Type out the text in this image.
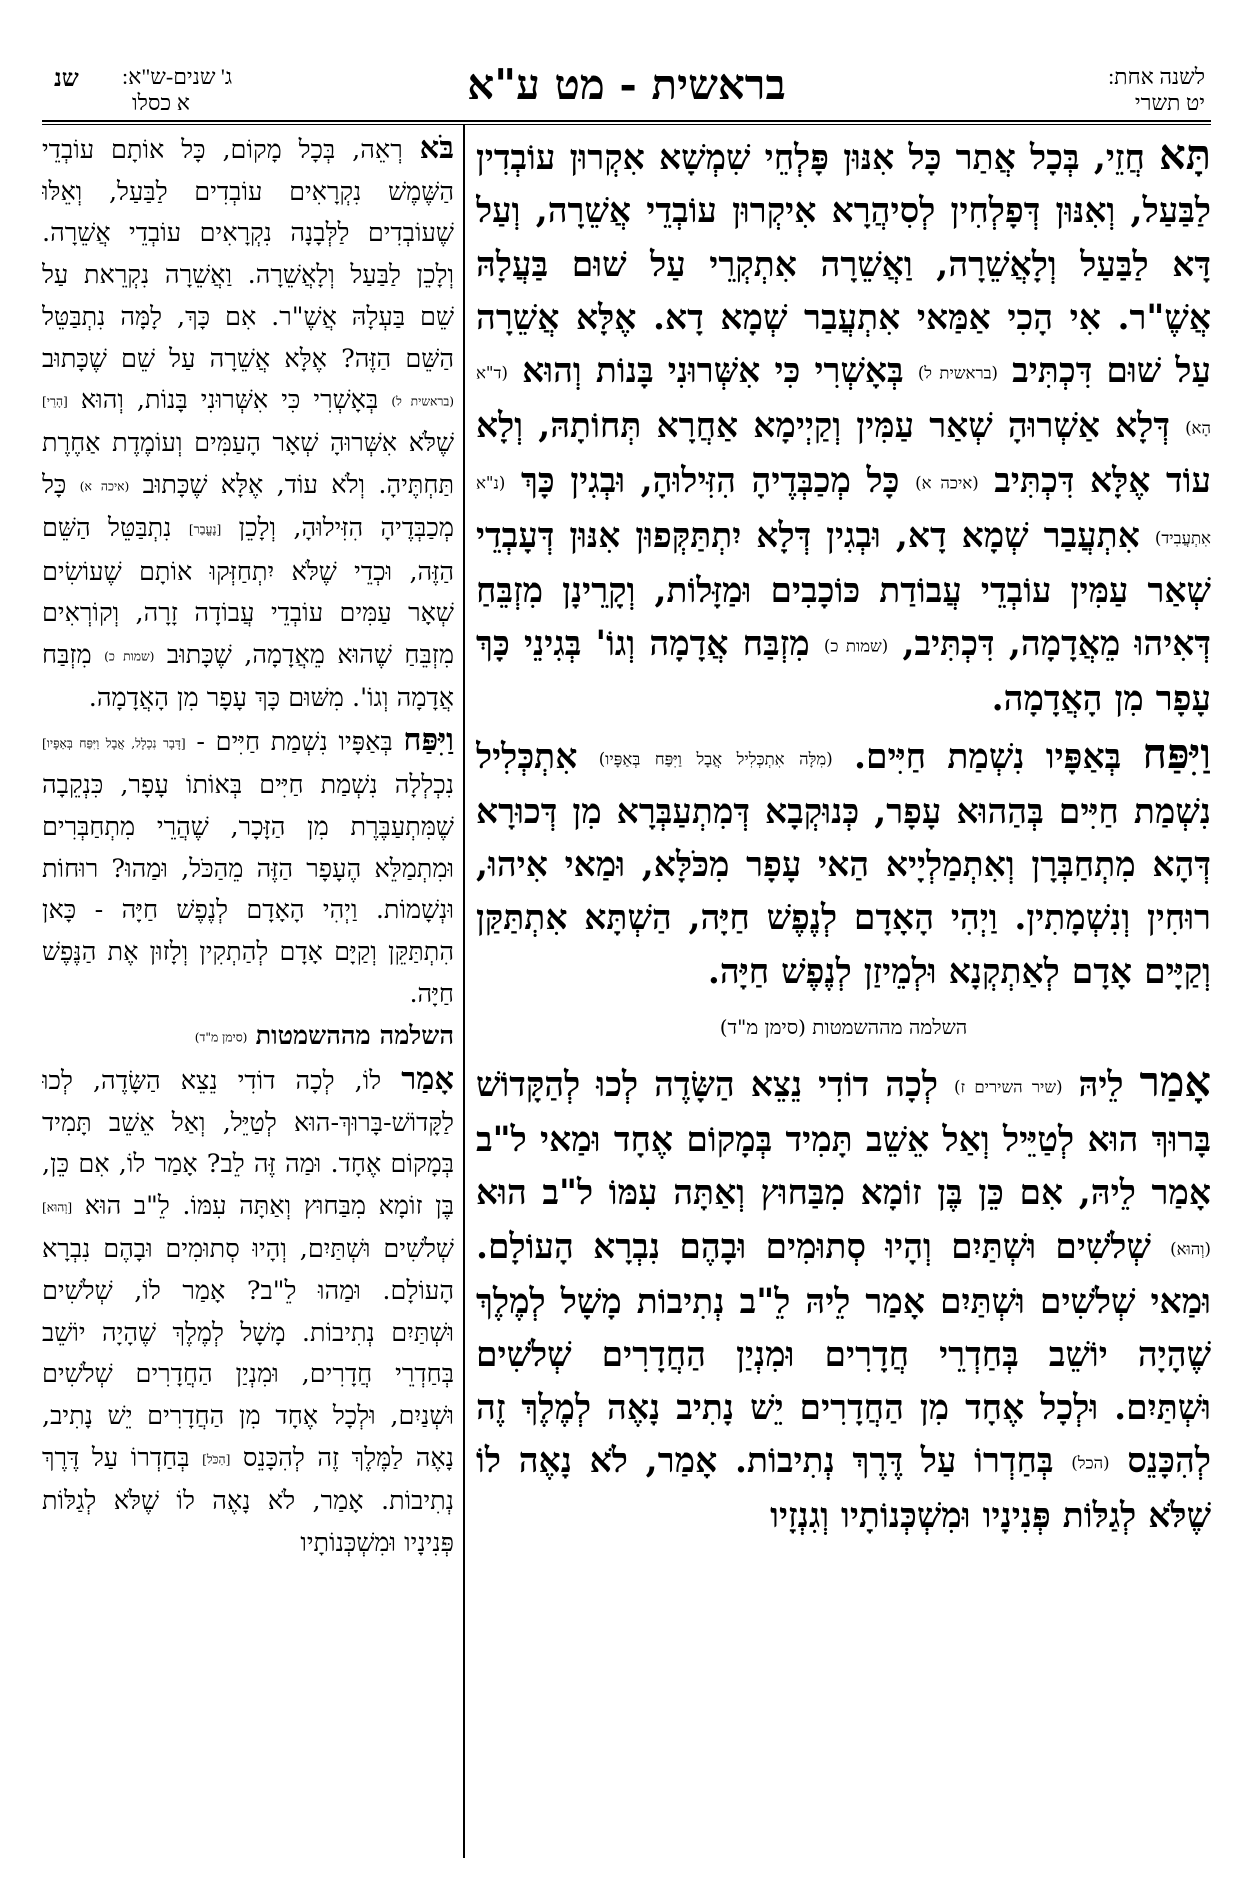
בראשית - מט ע"א
שנ ג' שנים-ש"א:
א כסלו
לשנה אחת:
יט תשרי

תָּא חֲזֵי, בְּכָל אֲתַר כָּל אִנּוּן פָּלְחֵי שִׁמְשָׁא אִקְרוּן עוֹבְדִין לַבַּעַל, וְאִנּוּן דְּפָלְחִין לְסִיהֲרָא אִיקְרוּן עוֹבְדֵי אֲשֵׁרָה, וְעַל דָּא לַבַּעַל וְלָאֲשֵׁרָה, וַאֲשֵׁרָה אִתְקְרֵי עַל שׁוּם בַּעֲלָהּ אֲשֶׁ"ר. אִי הָכִי אַמַּאי אִתְעֲבַר שְׁמָא דָא. אֶלָּא אֲשֵׁרָה עַל שׁוּם דִּכְתִּיב (בראשית ל) בְּאָשְׁרִי כִּי אִשְּׁרוּנִי בָּנוֹת וְהוּא (ד"א הָא) דְּלָא אַשְׁרוּהָ שְׁאַר עַמִּין וְקַיְימָא אַחֲרָא תְּחוֹתָהּ, וְלָא עוֹד אֶלָּא דִּכְתִּיב (איכה א) כָּל מְכַבְּדֶיהָ הִזִּילוּהָ, וּבְגִין כָּךְ (נ"א אִתְעֲבִיד) אִתְעֲבַר שְׁמָא דָא, וּבְגִין דְּלָא יִתְתַּקְּפוּן אִנּוּן דְּעָבְדֵי שְׁאַר עַמִּין עוֹבְדֵי עֲבוֹדַת כּוֹכָבִים וּמַזָּלוֹת, וְקָרֵינָן מִזְבֵּחַ דְּאִיהוּ מֵאֲדָמָה, דִּכְתִּיב, (שמות כ) מִזְבַּח אֲדָמָה וְגוֹ' בְּגִינֵי כָּךְ עָפָר מִן הָאֲדָמָה.

וַיִּפַּח בְּאַפָּיו נִשְׁמַת חַיִּים. (מִלָּה אִתְכְּלִיל אֲבָל וַיִּפַּח בְּאַפָּיו) אִתְכְּלִיל נִשְׁמַת חַיִּים בְּהַהוּא עָפָר, כְּנוּקְבָא דְּמִתְעַבְּרָא מִן דְּכוּרָא דְּהָא מִתְחַבְּרָן וְאִתְמַלְיָיא הַאי עָפָר מִכֹּלָּא, וּמַאי אִיהוּ, רוּחִין וְנִשְׁמָתִין. וַיְהִי הָאָדָם לְנֶפֶשׁ חַיָּה, הַשְׁתָּא אִתְתַּקַּן וְקַיָּים אָדָם לְאַתְקְנָא וּלְמֵיזַן לְנֶפֶשׁ חַיָּה.

השלמה מההשמטות (סימן מ"ד)

אָמַר לֵיהּ (שיר השירים ז) לְכָה דוֹדִי נֵצֵא הַשָּׂדֶה לְכוּ לְהַקָּדוֹשׁ בָּרוּךְ הוּא לְטַיֵּיל וְאַל אֵשֵׁב תָּמִיד בְּמָקוֹם אֶחָד וּמַאי ל"ב אָמַר לֵיהּ, אִם כֵּן בֶּן זוֹמָא מִבַּחוּץ וְאַתָּה עִמּוֹ ל"ב הוּא (וְהוּא) שְׁלֹשִׁים וּשְׁתַּיִם וְהָיוּ סְתוּמִים וּבָהֶם נִבְרָא הָעוֹלָם. וּמַאי שְׁלֹשִׁים וּשְׁתַּיִם אָמַר לֵיהּ לֵ"ב נְתִיבוֹת מָשָׁל לְמֶלֶךְ שֶׁהָיָה יוֹשֵׁב בְּחַדְרֵי חֲדָרִים וּמִנְיַן הַחֲדָרִים שְׁלֹשִׁים וּשְׁתַּיִם. וּלְכָל אֶחָד מִן הַחֲדָרִים יֵשׁ נָתִיב נָאֶה לְמֶלֶךְ זֶה לְהִכָּנֵס (הכל) בְּחַדְרוֹ עַל דֶּרֶךְ נְתִיבוֹת. אָמַר, לֹא נָאֶה לוֹ שֶׁלֹּא לְגַלּוֹת פְּנִינָיו וּמִשְׁכְּנוֹתָיו וְגִנְזָיו

בֹּא רְאֵה, בְּכָל מָקוֹם, כָּל אוֹתָם עוֹבְדֵי הַשֶּׁמֶשׁ נִקְרָאִים עוֹבְדִים לַבַּעַל, וְאֵלּוּ שֶׁעוֹבְדִים לַלְּבָנָה נִקְרָאִים עוֹבְדֵי אֲשֵׁרָה. וְלָכֵן לַבַּעַל וְלָאֲשֵׁרָה. וַאֲשֵׁרָה נִקְרֵאת עַל שֵׁם בַּעְלָהּ אֲשֶׁ"ר. אִם כָּךְ, לָמָּה נִתְבַּטֵּל הַשֵּׁם הַזֶּה? אֶלָּא אֲשֵׁרָה עַל שֵׁם שֶׁכָּתוּב (בראשית ל) בְּאָשְׁרִי כִּי אִשְּׁרוּנִי בָּנוֹת, וְהוּא [הָרֵי] שֶׁלֹּא אִשְּׁרוּהָ שְׁאָר הָעַמִּים וְעוֹמֶדֶת אַחֶרֶת תַּחְתֶּיהָ. וְלֹא עוֹד, אֶלָּא שֶׁכָּתוּב (איכה א) כָּל מְכַבְּדֶיהָ הִזִּילוּהָ, וְלָכֵן [נֶעֱבַר] נִתְבַּטֵּל הַשֵּׁם הַזֶּה, וּכְדֵי שֶׁלֹּא יִתְחַזְּקוּ אוֹתָם שֶׁעוֹשִׂים שְׁאָר עַמִּים עוֹבְדֵי עֲבוֹדָה זָרָה, וְקוֹרְאִים מִזְבֵּחַ שֶׁהוּא מֵאֲדָמָה, שֶׁכָּתוּב (שמות כ) מִזְבַּח אֲדָמָה וְגוֹ'. מִשּׁוּם כָּךְ עָפָר מִן הָאֲדָמָה.

וַיִּפַּח בְּאַפָּיו נִשְׁמַת חַיִּים - [דָּבָר נִכְלָל, אֲבָל וַיִּפַּח בְּאַפָּיו] נִכְלְלָה נִשְׁמַת חַיִּים בְּאוֹתוֹ עָפָר, כִּנְקֵבָה שֶׁמִּתְעַבֶּרֶת מִן הַזָּכָר, שֶׁהֲרֵי מִתְחַבְּרִים וּמִתְמַלֵּא הֶעָפָר הַזֶּה מֵהַכֹּל, וּמַהוּ? רוּחוֹת וּנְשָׁמוֹת. וַיְהִי הָאָדָם לְנֶפֶשׁ חַיָּה - כָּאן הִתְתַּקֵּן וְקַיָּם אָדָם לְהַתְקִין וְלָזוּן אֶת הַנֶּפֶשׁ חַיָּה.

השלמה מההשמטות (סימן מ"ד)

אָמַר לוֹ, לְכָה דוֹדִי נֵצֵא הַשָּׂדֶה, לְכוּ לַקָּדוֹשׁ-בָּרוּךְ-הוּא לְטַיֵּל, וְאַל אֵשֵׁב תָּמִיד בְּמָקוֹם אֶחָד. וּמַה זֶּה לֵב? אָמַר לוֹ, אִם כֵּן, בֶּן זוֹמָא מִבַּחוּץ וְאַתָּה עִמּוֹ. לֵ"ב הוּא [וְהוּא] שְׁלֹשִׁים וּשְׁתַּיִם, וְהָיוּ סְתוּמִים וּבָהֶם נִבְרָא הָעוֹלָם. וּמַהוּ לֵ"ב? אָמַר לוֹ, שְׁלֹשִׁים וּשְׁתַּיִם נְתִיבוֹת. מָשָׁל לְמֶלֶךְ שֶׁהָיָה יוֹשֵׁב בְּחַדְרֵי חֲדָרִים, וּמִנְיַן הַחֲדָרִים שְׁלֹשִׁים וּשְׁנַיִם, וּלְכָל אֶחָד מִן הַחֲדָרִים יֵשׁ נָתִיב, נָאֶה לַמֶּלֶךְ זֶה לְהִכָּנֵס [הַכֹּל] בְּחַדְרוֹ עַל דֶּרֶךְ נְתִיבוֹת. אָמַר, לֹא נָאֶה לוֹ שֶׁלֹּא לְגַלּוֹת פְּנִינָיו וּמִשְׁכְּנוֹתָיו
